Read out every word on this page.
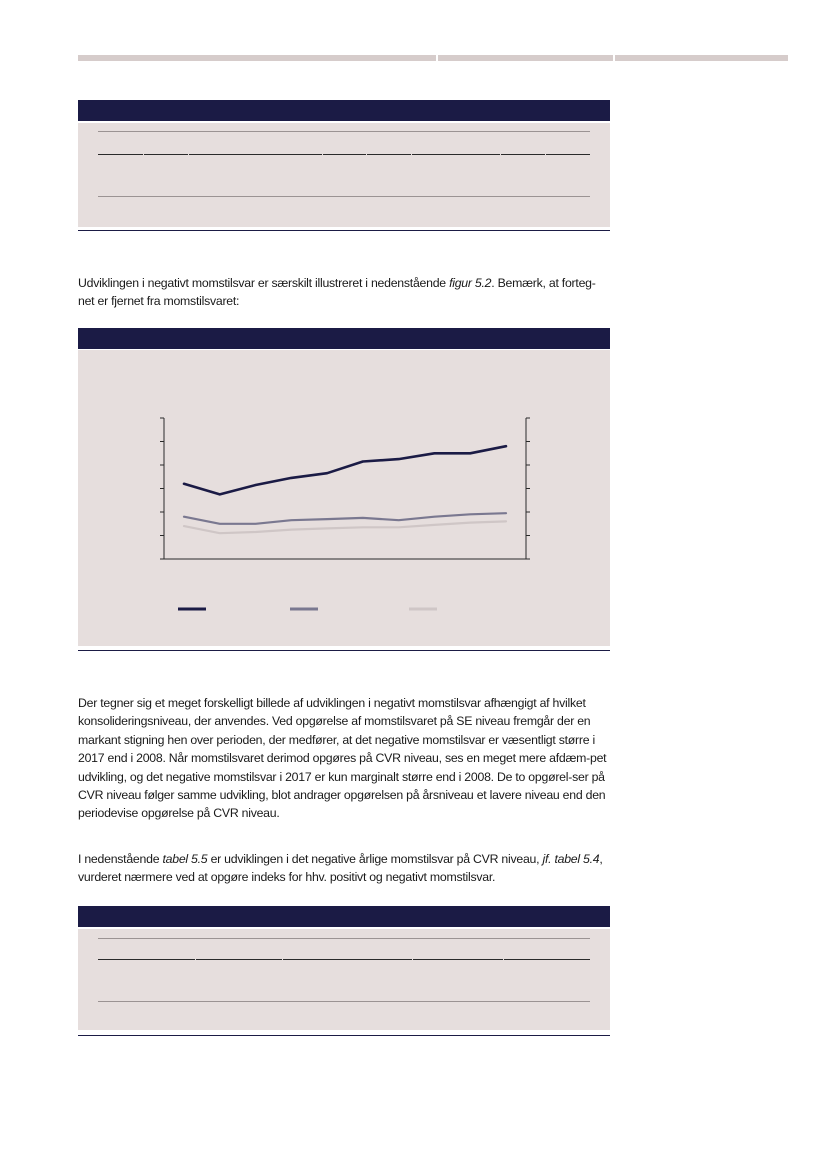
Udviklingen i negativt momstilsvar er særskilt illustreret i nedenstående figur 5.2. Bemærk, at forteg-net er fjernet fra momstilsvaret:

Der tegner sig et meget forskelligt billede af udviklingen i negativt momstilsvar afhængigt af hvilket konsolideringsniveau, der anvendes. Ved opgørelse af momstilsvaret på SE niveau fremgår der en markant stigning hen over perioden, der medfører, at det negative momstilsvar er væsentligt større i 2017 end i 2008. Når momstilsvaret derimod opgøres på CVR niveau, ses en meget mere afdæm-pet udvikling, og det negative momstilsvar i 2017 er kun marginalt større end i 2008. De to opgørel-ser på CVR niveau følger samme udvikling, blot andrager opgørelsen på årsniveau et lavere niveau end den periodevise opgørelse på CVR niveau.

I nedenstående tabel 5.5 er udviklingen i det negative årlige momstilsvar på CVR niveau, jf. tabel 5.4, vurderet nærmere ved at opgøre indeks for hhv. positivt og negativt momstilsvar.
